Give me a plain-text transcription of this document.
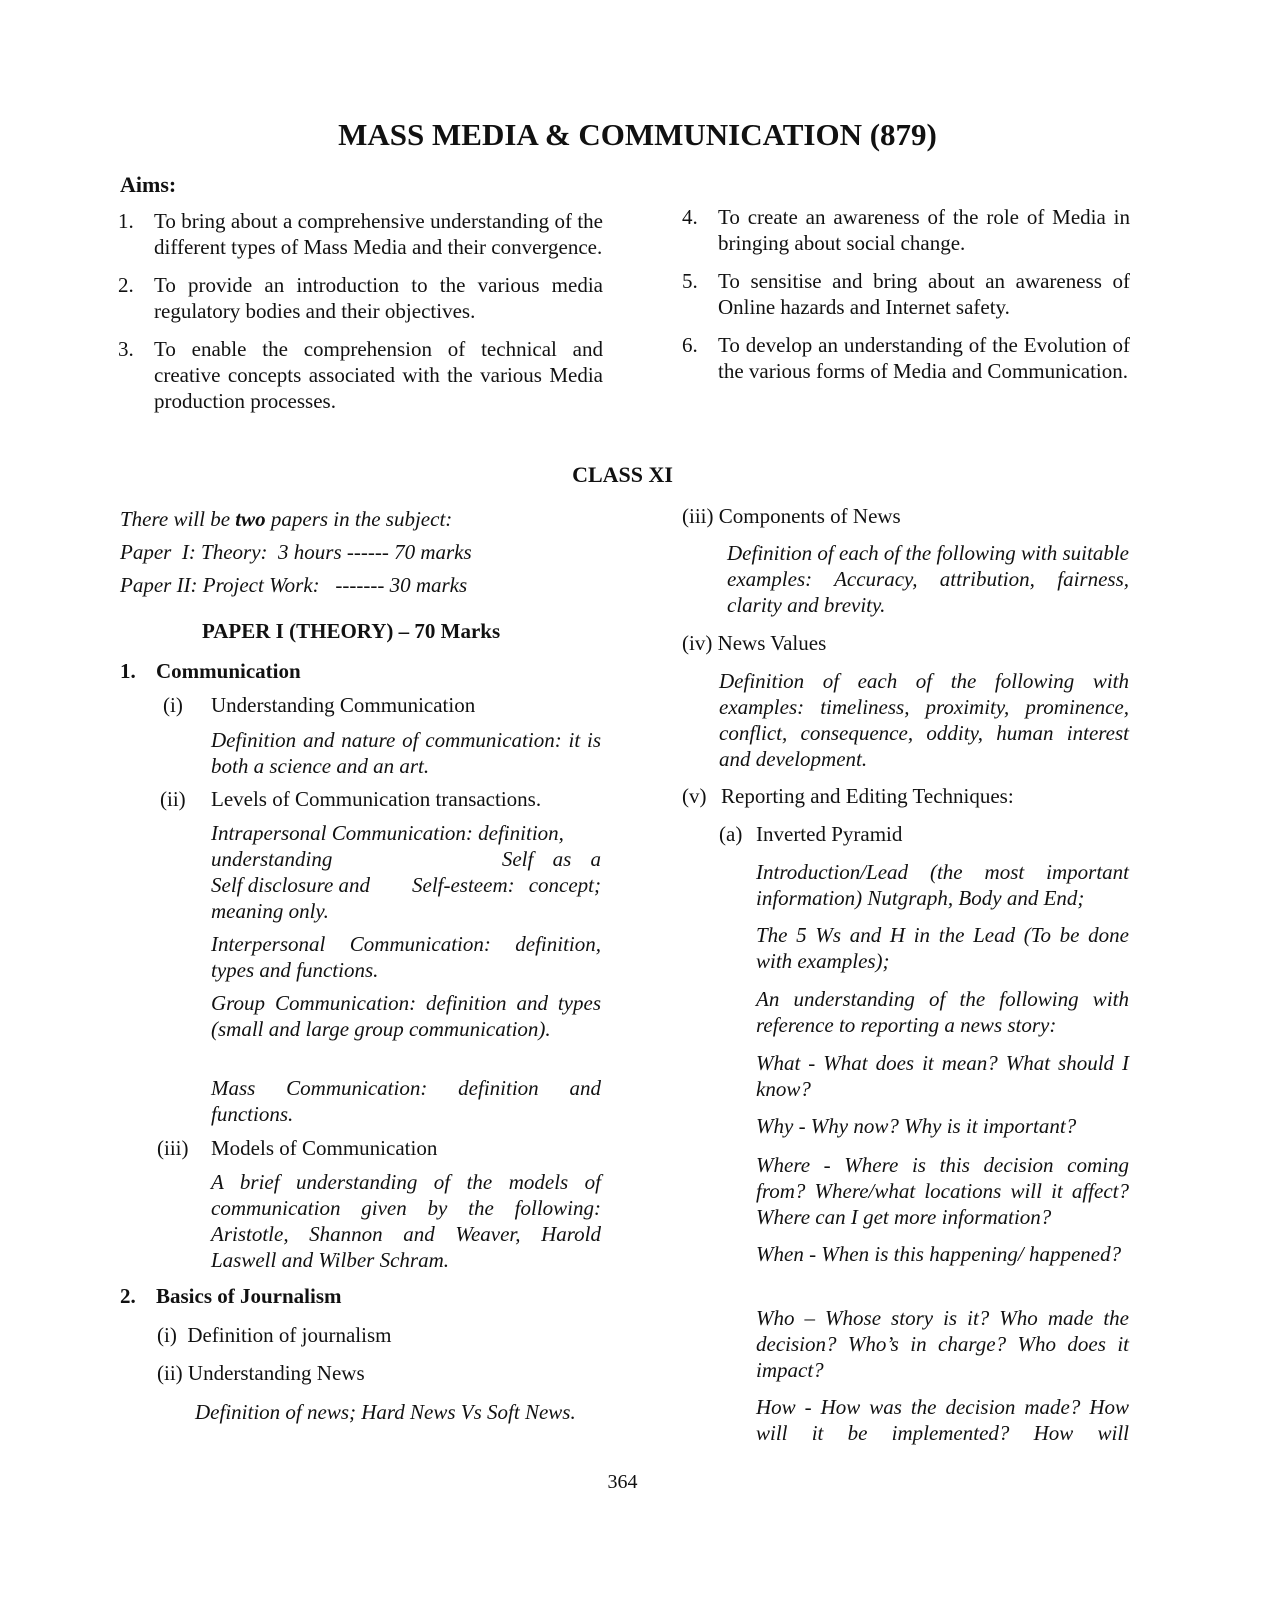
MASS MEDIA & COMMUNICATION (879)
Aims:
1. To bring about a comprehensive understanding of the different types of Mass Media and their convergence.
2. To provide an introduction to the various media regulatory bodies and their objectives.
3. To enable the comprehension of technical and creative concepts associated with the various Media production processes.
4. To create an awareness of the role of Media in bringing about social change.
5. To sensitise and bring about an awareness of Online hazards and Internet safety.
6. To develop an understanding of the Evolution of the various forms of Media and Communication.
CLASS XI
There will be two papers in the subject:
Paper  I: Theory:  3 hours ------ 70 marks
Paper II: Project Work:   ------- 30 marks
PAPER I (THEORY) – 70 Marks
1. Communication
(i) Understanding Communication
Definition and nature of communication: it is both a science and an art.
(ii) Levels of Communication transactions.
Intrapersonal Communication: definition,
understanding	Self as a concept;
Self disclosure and Self-esteem:
meaning only.
Interpersonal Communication: definition, types and functions.
Group Communication: definition and types (small and large group communication).
Mass Communication: definition and functions.
(iii) Models of Communication
A brief understanding of the models of communication given by the following: Aristotle, Shannon and Weaver, Harold Laswell and Wilber Schram.
2. Basics of Journalism
(i)  Definition of journalism
(ii) Understanding News
Definition of news; Hard News Vs Soft News.
(iii) Components of News
Definition of each of the following with suitable examples: Accuracy, attribution, fairness, clarity and brevity.
(iv) News Values
Definition of each of the following with examples: timeliness, proximity, prominence, conflict, consequence, oddity, human interest and development.
(v) Reporting and Editing Techniques:
(a) Inverted Pyramid
Introduction/Lead (the most important information) Nutgraph, Body and End;
The 5 Ws and H in the Lead (To be done with examples);
An understanding of the following with reference to reporting a news story:
What - What does it mean? What should I know?
Why - Why now? Why is it important?
Where - Where is this decision coming from? Where/what locations will it affect? Where can I get more information?
When - When is this happening/ happened?
Who – Whose story is it? Who made the decision? Who’s in charge? Who does it impact?
How - How was the decision made? How will it be implemented? How will
364
